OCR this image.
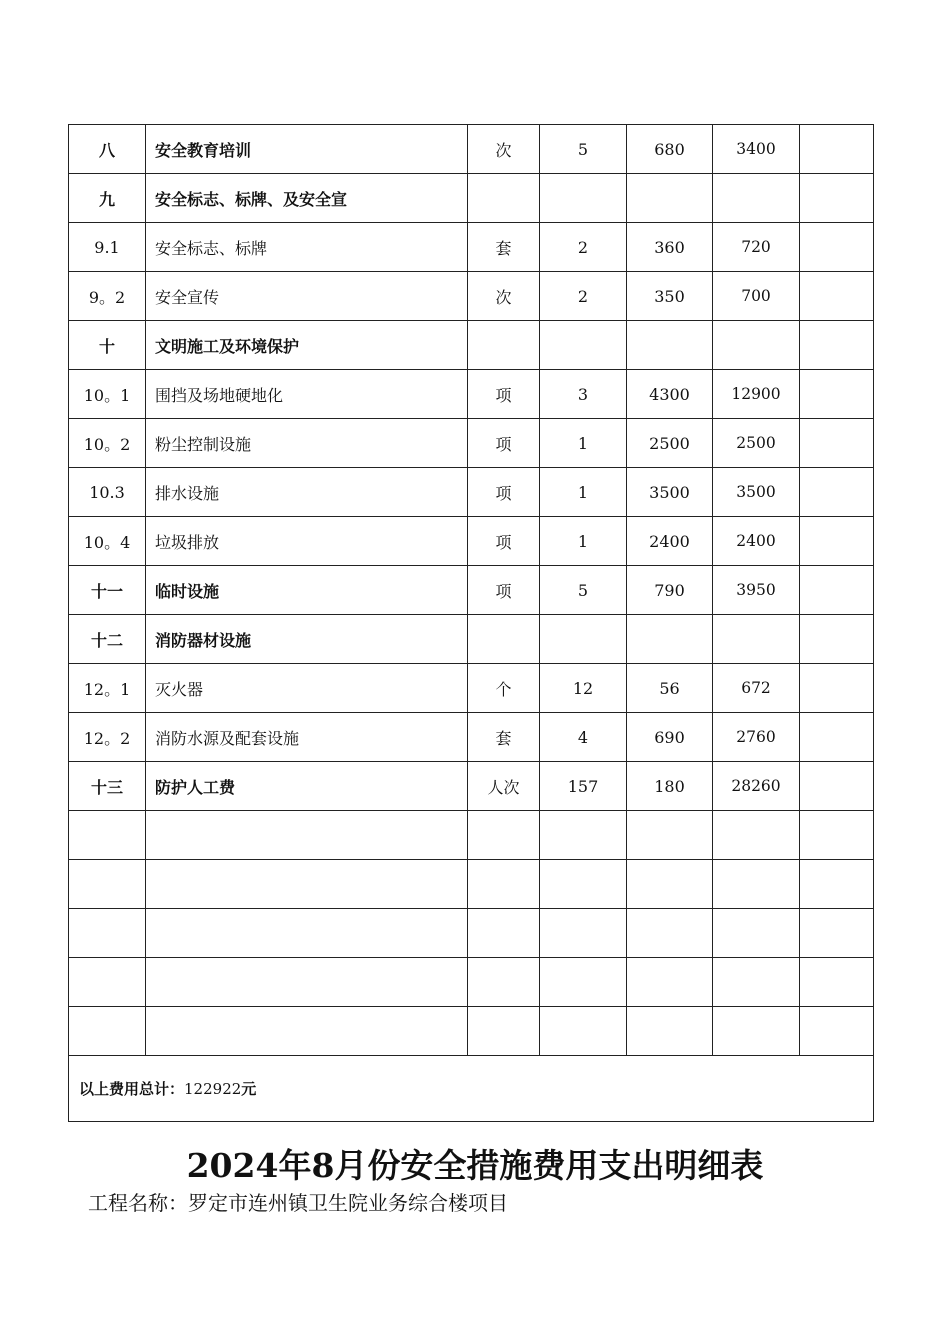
八	安全教育培训	次	5	680	3400	
九	安全标志、标牌、及安全宣					
9.1	安全标志、标牌	套	2	360	720	
9。2	安全宣传	次	2	350	700	
十	文明施工及环境保护					
10。1	围挡及场地硬地化	项	3	4300	12900	
10。2	粉尘控制设施	项	1	2500	2500	
10.3	排水设施	项	1	3500	3500	
10。4	垃圾排放	项	1	2400	2400	
十一	临时设施	项	5	790	3950	
十二	消防器材设施					
12。1	灭火器	个	12	56	672	
12。2	消防水源及配套设施	套	4	690	2760	
十三	防护人工费	人次	157	180	28260	

以上费用总计：122922元						
2024年8月份安全措施费用支出明细表

工程名称：罗定市连州镇卫生院业务综合楼项目
